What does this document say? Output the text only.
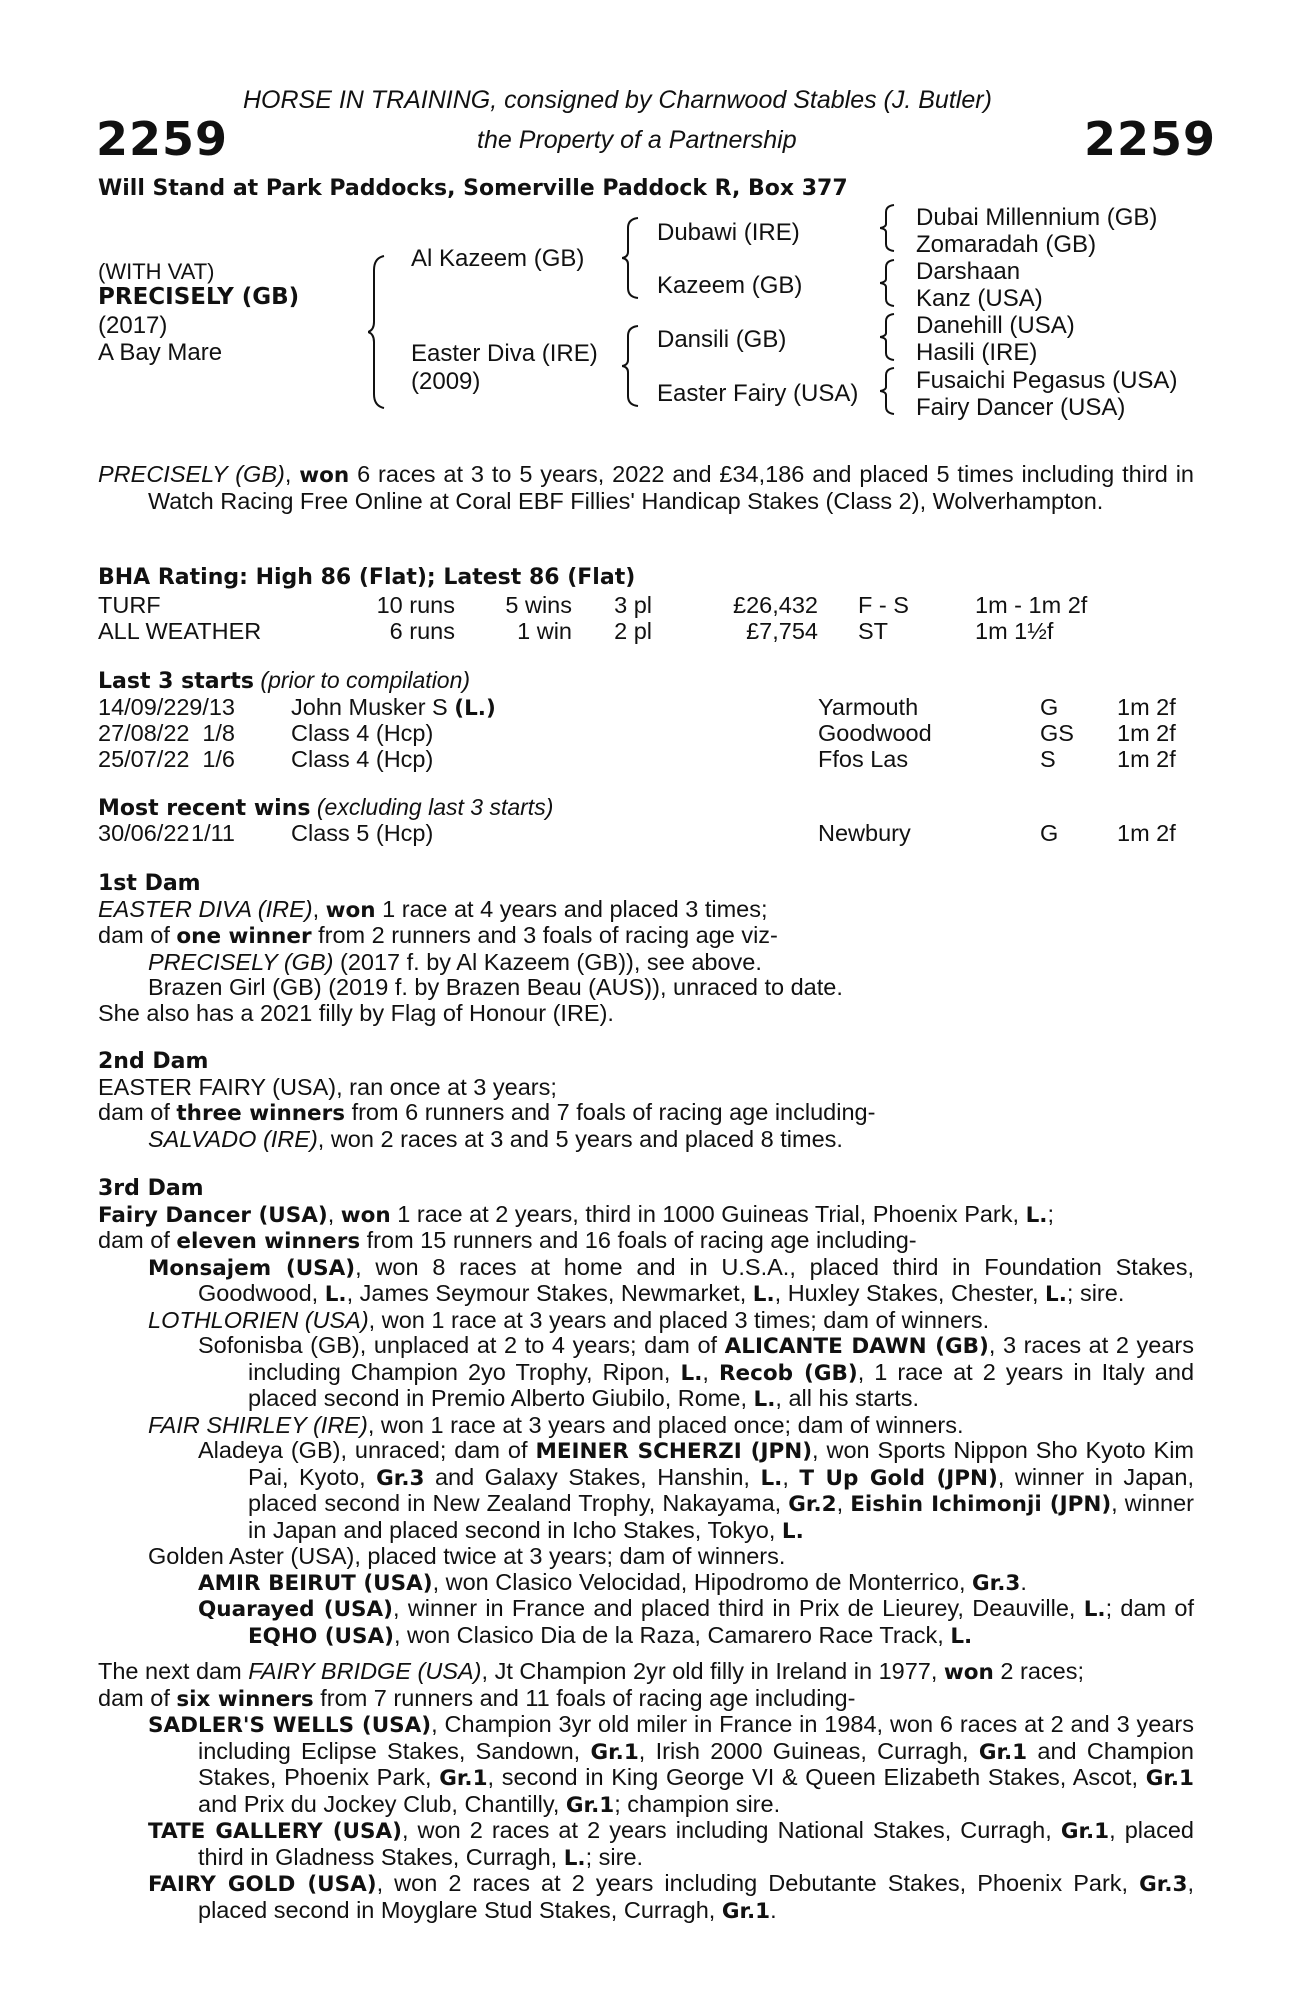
HORSE IN TRAINING, consigned by Charnwood Stables (J. Butler)
2259	the Property of a Partnership	2259
Will Stand at Park Paddocks, Somerville Paddock R, Box 377
(WITH VAT)
PRECISELY (GB)
(2017)
A Bay Mare
Al Kazeem (GB)
Easter Diva (IRE)
(2009)
Dubawi (IRE)
Kazeem (GB)
Dansili (GB)
Easter Fairy (USA)
Dubai Millennium (GB)
Zomaradah (GB)
Darshaan
Kanz (USA)
Danehill (USA)
Hasili (IRE)
Fusaichi Pegasus (USA)
Fairy Dancer (USA)

PRECISELY (GB), won 6 races at 3 to 5 years, 2022 and £34,186 and placed 5 times including third in Watch Racing Free Online at Coral EBF Fillies' Handicap Stakes (Class 2), Wolverhampton.

BHA Rating: High 86 (Flat); Latest 86 (Flat)
TURF	10 runs 5 wins 3 pl	£26,432 F - S	1m - 1m 2f
ALL WEATHER	6 runs	1 win 2 pl	£7,754 ST	1m 1½f
Last 3 starts (prior to compilation)
14/09/22 9/13 John Musker S (L.)	Yarmouth	G 1m 2f
27/08/22 1/8 Class 4 (Hcp)	Goodwood	GS 1m 2f
25/07/22 1/6 Class 4 (Hcp)	Ffos Las	S	1m 2f
Most recent wins (excluding last 3 starts)
30/06/22 1/11 Class 5 (Hcp)	Newbury	G 1m 2f
1st Dam
EASTER DIVA (IRE), won 1 race at 4 years and placed 3 times;
dam of one winner from 2 runners and 3 foals of racing age viz-
PRECISELY (GB) (2017 f. by Al Kazeem (GB)), see above.
Brazen Girl (GB) (2019 f. by Brazen Beau (AUS)), unraced to date.
She also has a 2021 filly by Flag of Honour (IRE).
2nd Dam
EASTER FAIRY (USA), ran once at 3 years;
dam of three winners from 6 runners and 7 foals of racing age including-
SALVADO (IRE), won 2 races at 3 and 5 years and placed 8 times.
3rd Dam
Fairy Dancer (USA), won 1 race at 2 years, third in 1000 Guineas Trial, Phoenix Park, L.;
dam of eleven winners from 15 runners and 16 foals of racing age including-

Monsajem (USA), won 8 races at home and in U.S.A., placed third in Foundation Stakes, Goodwood, L., James Seymour Stakes, Newmarket, L., Huxley Stakes, Chester, L.; sire.

LOTHLORIEN (USA), won 1 race at 3 years and placed 3 times; dam of winners.

Sofonisba (GB), unplaced at 2 to 4 years; dam of ALICANTE DAWN (GB), 3 races at 2 years including Champion 2yo Trophy, Ripon, L., Recob (GB), 1 race at 2 years in Italy and placed second in Premio Alberto Giubilo, Rome, L., all his starts.

FAIR SHIRLEY (IRE), won 1 race at 3 years and placed once; dam of winners.

Aladeya (GB), unraced; dam of MEINER SCHERZI (JPN), won Sports Nippon Sho Kyoto Kim Pai, Kyoto, Gr.3 and Galaxy Stakes, Hanshin, L., T Up Gold (JPN), winner in Japan, placed second in New Zealand Trophy, Nakayama, Gr.2, Eishin Ichimonji (JPN), winner in Japan and placed second in Icho Stakes, Tokyo, L.

Golden Aster (USA), placed twice at 3 years; dam of winners.
AMIR BEIRUT (USA), won Clasico Velocidad, Hipodromo de Monterrico, Gr.3.

Quarayed (USA), winner in France and placed third in Prix de Lieurey, Deauville, L.; dam of EQHO (USA), won Clasico Dia de la Raza, Camarero Race Track, L.

The next dam FAIRY BRIDGE (USA), Jt Champion 2yr old filly in Ireland in 1977, won 2 races;
dam of six winners from 7 runners and 11 foals of racing age including-

SADLER'S WELLS (USA), Champion 3yr old miler in France in 1984, won 6 races at 2 and 3 years including Eclipse Stakes, Sandown, Gr.1, Irish 2000 Guineas, Curragh, Gr.1 and Champion Stakes, Phoenix Park, Gr.1, second in King George VI & Queen Elizabeth Stakes, Ascot, Gr.1 and Prix du Jockey Club, Chantilly, Gr.1; champion sire.

TATE GALLERY (USA), won 2 races at 2 years including National Stakes, Curragh, Gr.1, placed third in Gladness Stakes, Curragh, L.; sire.

FAIRY GOLD (USA), won 2 races at 2 years including Debutante Stakes, Phoenix Park, Gr.3, placed second in Moyglare Stud Stakes, Curragh, Gr.1.
